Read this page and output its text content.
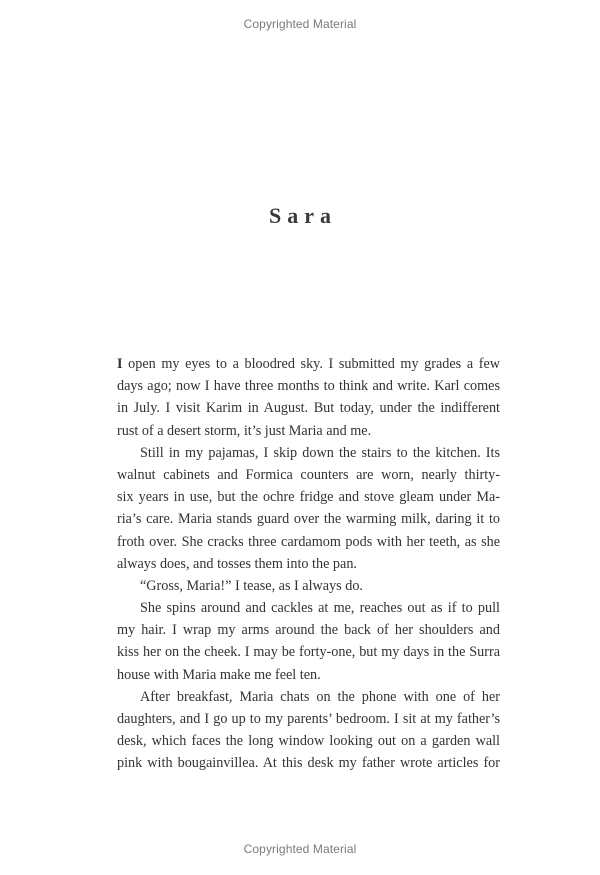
Copyrighted Material
Sara
I open my eyes to a bloodred sky. I submitted my grades a few
days ago; now I have three months to think and write. Karl comes
in July. I visit Karim in August. But today, under the indifferent
rust of a desert storm, it’s just Maria and me.
Still in my pajamas, I skip down the stairs to the kitchen. Its
walnut cabinets and Formica counters are worn, nearly thirty-
six years in use, but the ochre fridge and stove gleam under Ma-
ria’s care. Maria stands guard over the warming milk, daring it to
froth over. She cracks three cardamom pods with her teeth, as she
always does, and tosses them into the pan.
“Gross, Maria!” I tease, as I always do.
She spins around and cackles at me, reaches out as if to pull
my hair. I wrap my arms around the back of her shoulders and
kiss her on the cheek. I may be forty-one, but my days in the Surra
house with Maria make me feel ten.
After breakfast, Maria chats on the phone with one of her
daughters, and I go up to my parents’ bedroom. I sit at my father’s
desk, which faces the long window looking out on a garden wall
pink with bougainvillea. At this desk my father wrote articles for
Copyrighted Material
